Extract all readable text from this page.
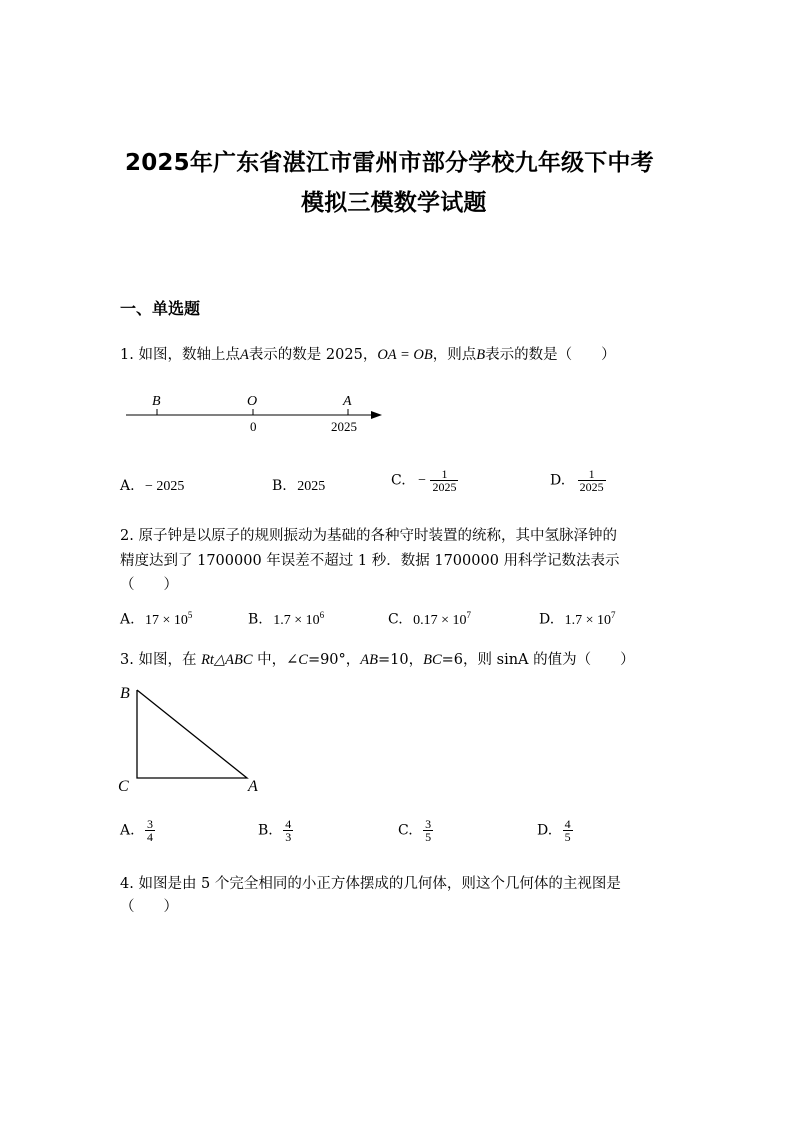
2025年广东省湛江市雷州市部分学校九年级下中考
模拟三模数学试题
一、单选题
1. 如图，数轴上点A表示的数是 2025，OA = OB，则点B表示的数是（　　）
B	O	A
0	2025
A. − 2025	B. 2025	C. − $\frac{1}{2025}$	D. $\frac{1}{2025}$
2. 原子钟是以原子的规则振动为基础的各种守时装置的统称，其中氢脉泽钟的
精度达到了 1700000 年误差不超过 1 秒．数据 1700000 用科学记数法表示
（　　）
A. $17 \times 10^5$	B. $1.7 \times 10^6$	C. $0.17 \times 10^7$	D. $1.7 \times 10^7$
3. 如图，在 Rt△ABC 中，∠C=90°，AB=10，BC=6，则 sinA 的值为（　　）
B
C	A
A. $\frac{3}{4}$	B. $\frac{4}{3}$	C. $\frac{3}{5}$	D. $\frac{4}{5}$
4. 如图是由 5 个完全相同的小正方体摆成的几何体，则这个几何体的主视图是
（　　）
